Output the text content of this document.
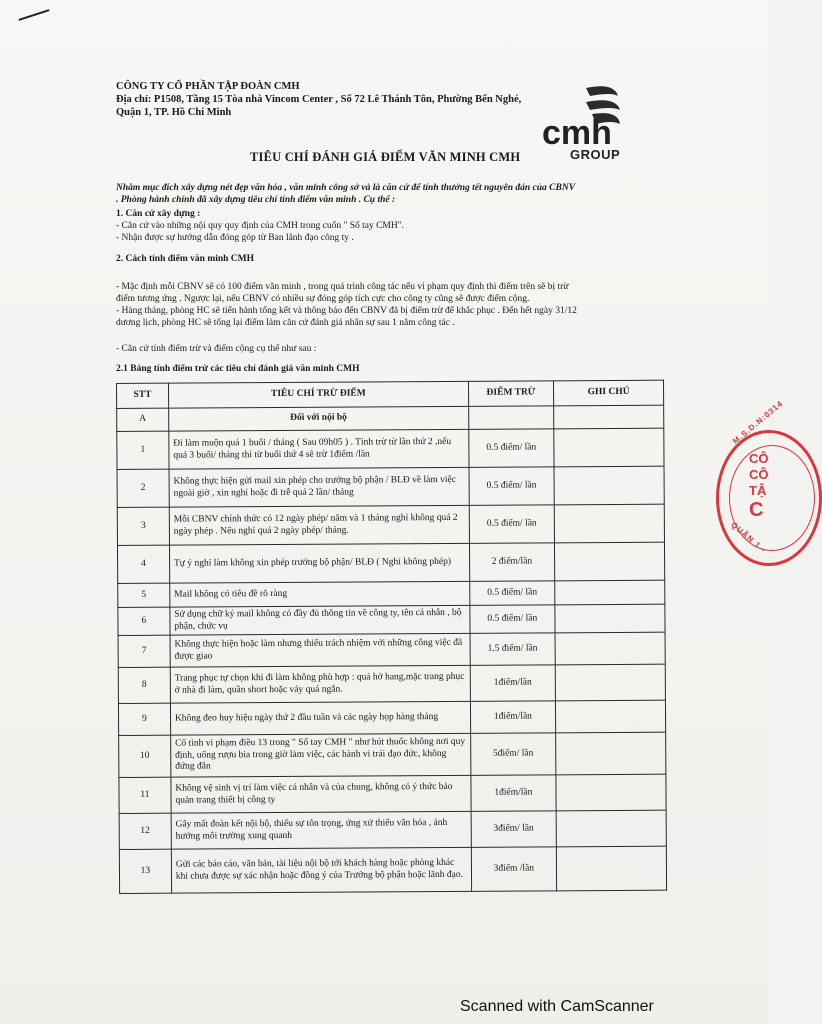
CÔNG TY CỔ PHẦN TẬP ĐOÀN CMH
Địa chỉ: P1508, Tầng 15 Tòa nhà Vincom Center , Số 72 Lê Thánh Tôn, Phường Bến Nghé,
Quận 1, TP. Hồ Chí Minh
cmh
GROUP
TIÊU CHÍ ĐÁNH GIÁ ĐIỂM VĂN MINH CMH
Nhằm mục đích xây dựng nét đẹp văn hóa , văn minh công sở và là căn cứ để tính thưởng tết nguyên đán của CBNV
. Phòng hành chính đã xây dựng tiêu chí tính điểm văn minh . Cụ thể :
1. Căn cứ xây dựng :
- Căn cứ vào những nội quy quy định của CMH trong cuốn " Sổ tay CMH".
- Nhận được sự hướng dẫn đóng góp từ Ban lãnh đạo công ty .
2. Cách tính điểm văn minh CMH
- Mặc định mỗi CBNV sẽ có 100 điểm văn minh , trong quá trình công tác nếu vi phạm quy định thì điểm trên sẽ bị trừ
điểm tương ứng . Ngược lại, nếu CBNV có nhiều sự đóng góp tích cực cho công ty cũng sẽ được điểm cộng.
- Hàng tháng, phòng HC sẽ tiến hành tổng kết và thông báo đến CBNV đã bị điểm trừ để khắc phục . Đến hết ngày 31/12
dương lịch, phòng HC sẽ tổng lại điểm làm căn cứ đánh giá nhân sự sau 1 năm công tác .
- Căn cứ tính điểm trừ và điểm cộng cụ thể như sau :
2.1 Bảng tính điểm trừ các tiêu chí đánh giá văn minh CMH
STT	TIÊU CHÍ TRỪ ĐIỂM	ĐIỂM TRỪ	GHI CHÚ
A	Đối với nội bộ		
1	Đi làm muộn quá 1 buổi / tháng ( Sau 09h05 ) . Tính trừ từ lần thứ 2 ,nếu quá 3 buổi/ tháng thì từ buổi thứ 4 sẽ trừ 1điểm /lần	0.5 điểm/ lần	
2	Không thực hiện gửi mail xin phép cho trưởng bộ phận / BLĐ về làm việc ngoài giờ , xin nghỉ hoặc đi trễ quá 2 lần/ tháng	0.5 điểm/ lần	
3	Mỗi CBNV chính thức có 12 ngày phép/ năm và 1 tháng nghỉ không quá 2 ngày phép . Nếu nghỉ quá 2 ngày phép/ tháng.	0.5 điểm/ lần	
4	Tự ý nghỉ làm không xin phép trưởng bộ phận/ BLĐ ( Nghỉ không phép)	2 điểm/lần	
5	Mail không có tiêu đề rõ ràng	0.5 điểm/ lần	
6	Sử dụng chữ ký mail không có đầy đủ thông tin về công ty, tên cá nhân , bộ phận, chức vụ	0.5 điểm/ lần	
7	Không thực hiện hoặc làm nhưng thiếu trách nhiệm với những công việc đã được giao	1.5 điểm/ lần	
8	Trang phục tự chọn khi đi làm không phù hợp : quá hở hang,mặc trang phục ở nhà đi làm, quần short hoặc váy quá ngắn.	1điểm/lần	
9	Không đeo huy hiệu ngày thứ 2 đầu tuần và các ngày họp hàng tháng	1điểm/lần	
10	Cố tình vi phạm điều 13 trong " Sổ tay CMH " như hút thuốc không nơi quy định, uống rượu bia trong giờ làm việc, các hành vi trái đạo đức, không đứng đắn	5điểm/ lần	
11	Không vệ sinh vị trí làm việc cá nhân và của chung, không có ý thức bảo quản trang thiết bị công ty	1điểm/lần	
12	Gây mất đoàn kết nội bộ, thiếu sự tôn trọng, ứng xử thiếu văn hóa , ảnh hưởng môi trường xung quanh	3điểm/ lần	
13	Gửi các báo cáo, văn bản, tài liệu nội bộ tới khách hàng hoặc phòng khác khi chưa được sự xác nhận hoặc đồng ý của Trưởng bộ phận hoặc lãnh đạo.	3điểm /lần	
M.S.D.N:0314
CÔ
CÔ
TẬ
C
QUẬN 1 -
Scanned with CamScanner
